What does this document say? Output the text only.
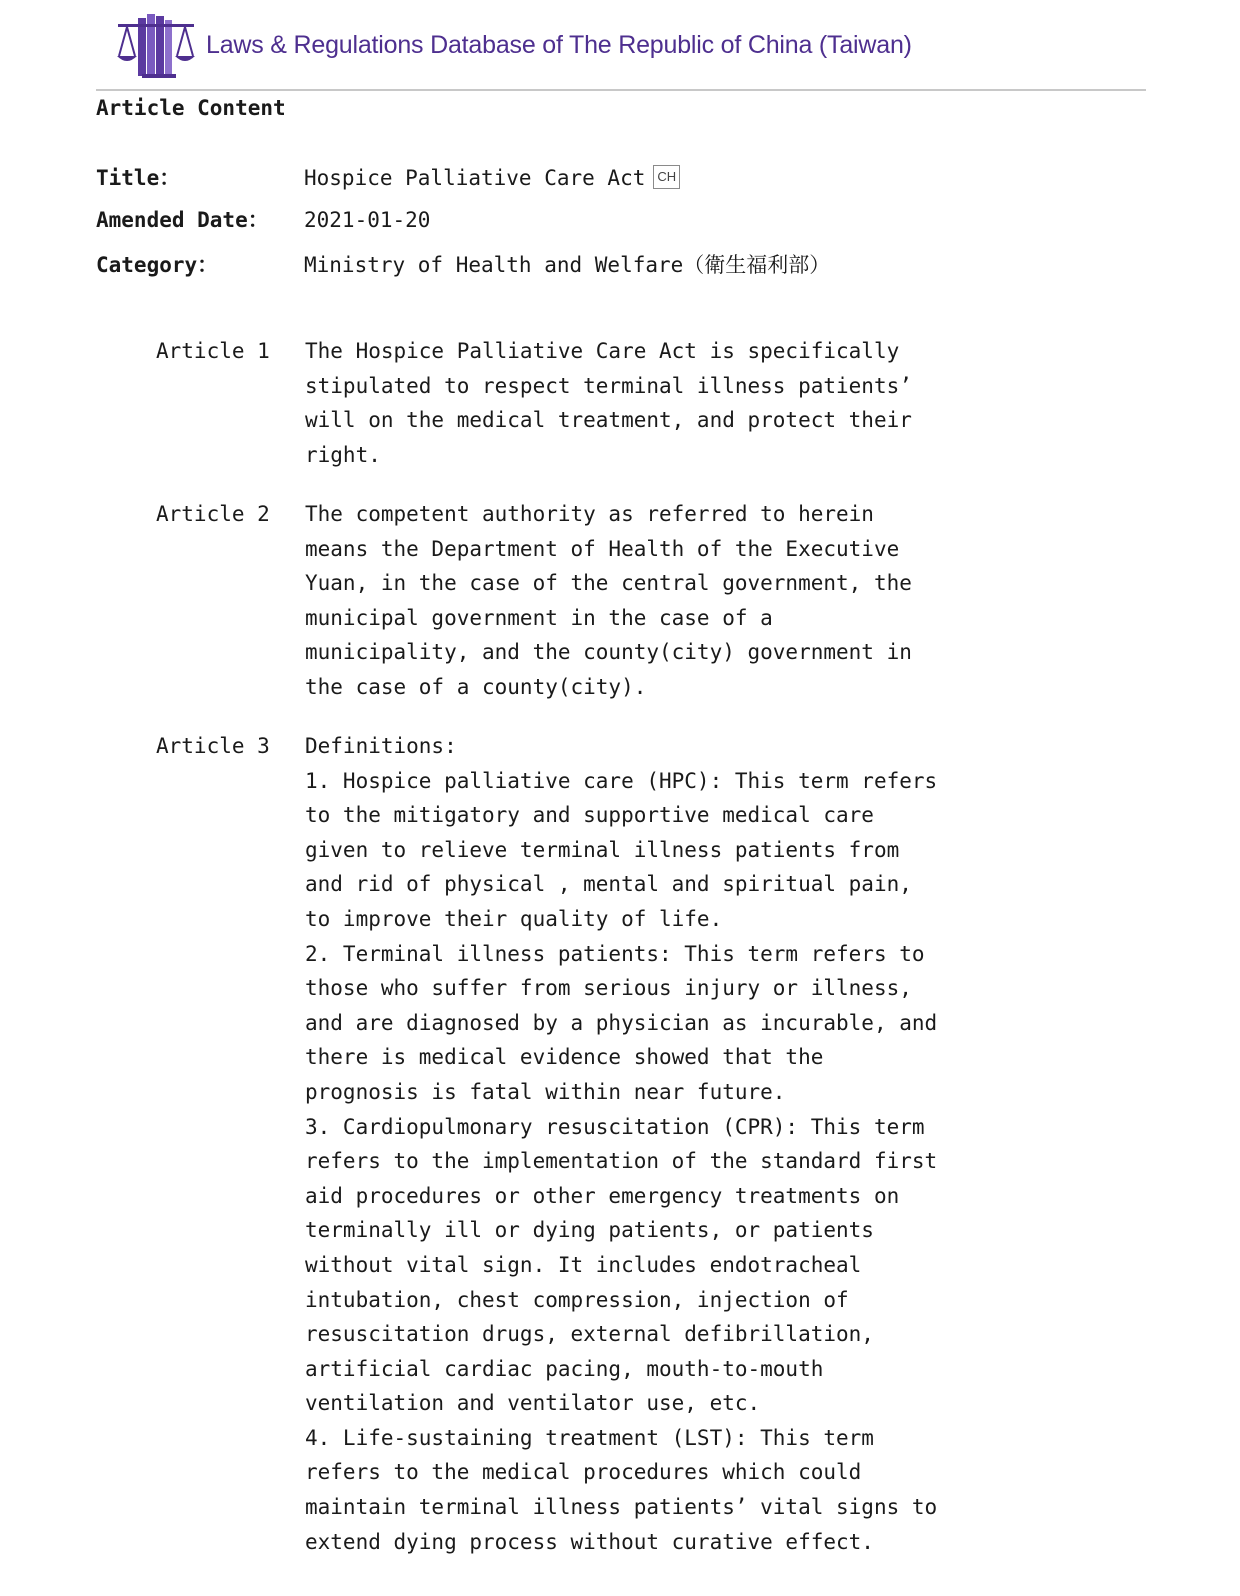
Laws & Regulations Database of The Republic of China (Taiwan)
Article Content
Title：	Hospice Palliative Care Act CH
Amended Date： 2021-01-20
Category：	Ministry of Health and Welfare（衛生福利部）
Article 1 The Hospice Palliative Care Act is specifically stipulated to respect terminal illness patients’ will on the medical treatment, and protect their right.
Article 2 The competent authority as referred to herein means the Department of Health of the Executive Yuan, in the case of the central government, the municipal government in the case of a municipality, and the county(city) government in the case of a county(city).
Article 3 Definitions:
1. Hospice palliative care (HPC): This term refers to the mitigatory and supportive medical care given to relieve terminal illness patients from and rid of physical , mental and spiritual pain, to improve their quality of life.
2. Terminal illness patients: This term refers to those who suffer from serious injury or illness, and are diagnosed by a physician as incurable, and there is medical evidence showed that the prognosis is fatal within near future.
3. Cardiopulmonary resuscitation (CPR): This term refers to the implementation of the standard first aid procedures or other emergency treatments on terminally ill or dying patients, or patients without vital sign. It includes endotracheal intubation, chest compression, injection of resuscitation drugs, external defibrillation, artificial cardiac pacing, mouth-to-mouth ventilation and ventilator use, etc.
4. Life-sustaining treatment (LST): This term refers to the medical procedures which could maintain terminal illness patients’ vital signs to extend dying process without curative effect.
